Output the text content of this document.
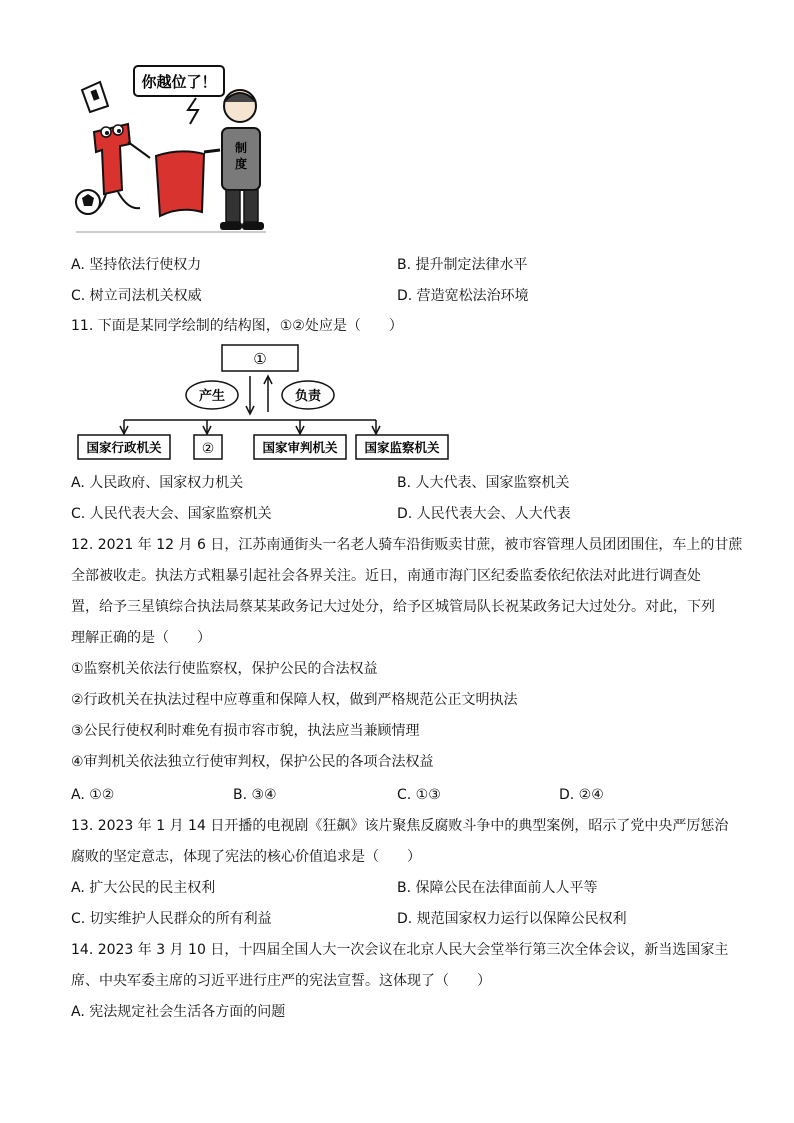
你越位了！
制
度
A. 坚持依法行使权力	B. 提升制定法律水平
C. 树立司法机关权威	D. 营造宽松法治环境
11. 下面是某同学绘制的结构图，①②处应是（　　）
①
产生	负责
国家行政机关	②	国家审判机关 国家监察机关
A. 人民政府、国家权力机关	B. 人大代表、国家监察机关
C. 人民代表大会、国家监察机关	D. 人民代表大会、人大代表
12. 2021 年 12 月 6 日，江苏南通街头一名老人骑车沿街贩卖甘蔗，被市容管理人员团团围住，车上的甘蔗
全部被收走。执法方式粗暴引起社会各界关注。近日，南通市海门区纪委监委依纪依法对此进行调查处
置，给予三星镇综合执法局蔡某某政务记大过处分，给予区城管局队长祝某政务记大过处分。对此，下列
理解正确的是（　　）
①监察机关依法行使监察权，保护公民的合法权益
②行政机关在执法过程中应尊重和保障人权，做到严格规范公正文明执法
③公民行使权利时难免有损市容市貌，执法应当兼顾情理
④审判机关依法独立行使审判权，保护公民的各项合法权益
A. ①②	B. ③④	C. ①③	D. ②④
13. 2023 年 1 月 14 日开播的电视剧《狂飙》该片聚焦反腐败斗争中的典型案例，昭示了党中央严厉惩治
腐败的坚定意志，体现了宪法的核心价值追求是（　　）
A. 扩大公民的民主权利	B. 保障公民在法律面前人人平等
C. 切实维护人民群众的所有利益	D. 规范国家权力运行以保障公民权利
14. 2023 年 3 月 10 日，十四届全国人大一次会议在北京人民大会堂举行第三次全体会议，新当选国家主
席、中央军委主席的习近平进行庄严的宪法宣誓。这体现了（　　）
A. 宪法规定社会生活各方面的问题
